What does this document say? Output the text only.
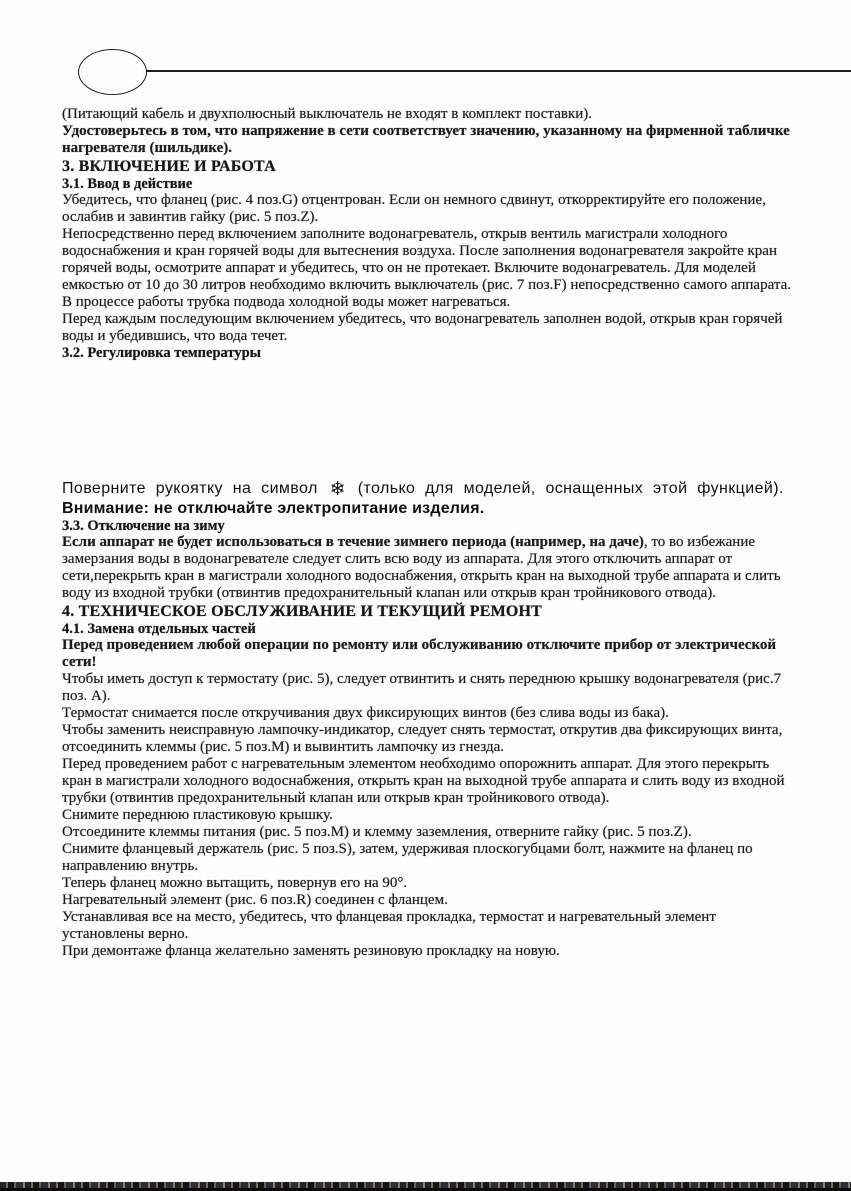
(Питающий кабель и двухполюсный выключатель не входят в комплект поставки).

Удостоверьтесь в том, что напряжение в сети соответствует значению, указанному на фирменной табличке нагревателя (шильдике).

3. ВКЛЮЧЕНИЕ И РАБОТА
3.1. Ввод в действие

Убедитесь, что фланец (рис. 4 поз.G) отцентрован. Если он немного сдвинут, откорректируйте его положение, ослабив и завинтив гайку (рис. 5 поз.Z).

Непосредственно перед включением заполните водонагреватель, открыв вентиль магистрали холодного водоснабжения и кран горячей воды для вытеснения воздуха. После заполнения водонагревателя закройте кран горячей воды, осмотрите аппарат и убедитесь, что он не протекает. Включите водонагреватель. Для моделей емкостью от 10 до 30 литров необходимо включить выключатель (рис. 7 поз.F) непосредственно самого аппарата. В процессе работы трубка подвода холодной воды может нагреваться.

Перед каждым последующим включением убедитесь, что водонагреватель заполнен водой, открыв кран горячей воды и убедившись, что вода течет.

3.2. Регулировка температуры

Поверните рукоятку на символ ❄ (только для моделей, оснащенных этой функцией).

Внимание: не отключайте электропитание изделия.

3.3. Отключение на зиму

Если аппарат не будет использоваться в течение зимнего периода (например, на даче), то во избежание замерзания воды в водонагревателе следует слить всю воду из аппарата. Для этого отключить аппарат от сети,перекрыть кран в магистрали холодного водоснабжения, открыть кран на выходной трубе аппарата и слить воду из входной трубки (отвинтив предохранительный клапан или открыв кран тройникового отвода).

4. ТЕХНИЧЕСКОЕ ОБСЛУЖИВАНИЕ И ТЕКУЩИЙ РЕМОНТ
4.1. Замена отдельных частей

Перед проведением любой операции по ремонту или обслуживанию отключите прибор от электрической сети!

Чтобы иметь доступ к термостату (рис. 5), следует отвинтить и снять переднюю крышку водонагревателя (рис.7 поз. А).

Термостат снимается после откручивания двух фиксирующих винтов (без слива воды из бака).

Чтобы заменить неисправную лампочку-индикатор, следует снять термостат, открутив два фиксирующих винта, отсоединить клеммы (рис. 5 поз.М) и вывинтить лампочку из гнезда.

Перед проведением работ с нагревательным элементом необходимо опорожнить аппарат. Для этого перекрыть кран в магистрали холодного водоснабжения, открыть кран на выходной трубе аппарата и слить воду из входной трубки (отвинтив предохранительный клапан или открыв кран тройникового отвода).

Снимите переднюю пластиковую крышку.

Отсоедините клеммы питания (рис. 5 поз.М) и клемму заземления, отверните гайку (рис. 5 поз.Z).

Снимите фланцевый держатель (рис. 5 поз.S), затем, удерживая плоскогубцами болт, нажмите на фланец по направлению внутрь.

Теперь фланец можно вытащить, повернув его на 90°.

Нагревательный элемент (рис. 6 поз.R) соединен с фланцем.

Устанавливая все на место, убедитесь, что фланцевая прокладка, термостат и нагревательный элемент установлены верно.

При демонтаже фланца желательно заменять резиновую прокладку на новую.
